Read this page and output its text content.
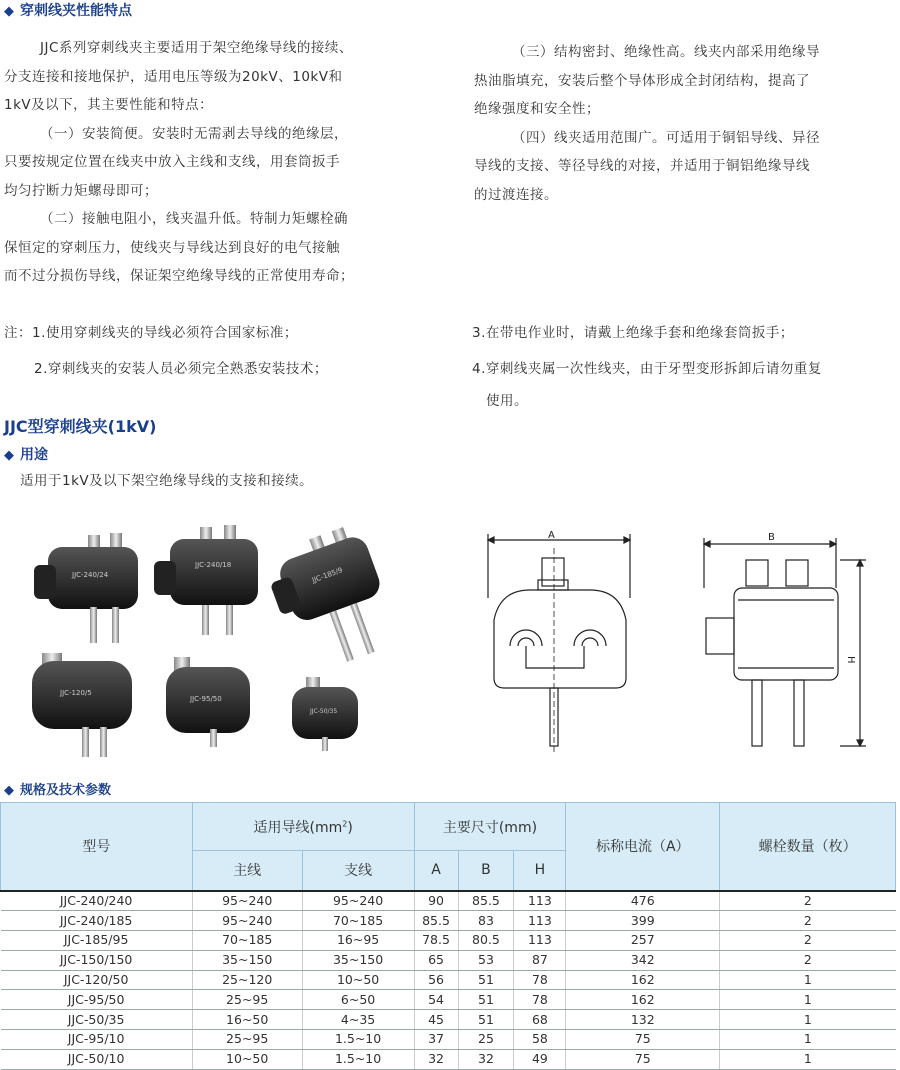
◆ 穿刺线夹性能特点
JJC系列穿刺线夹主要适用于架空绝缘导线的接续、
分支连接和接地保护，适用电压等级为20kV、10kV和
1kV及以下，其主要性能和特点：
（一）安装简便。安装时无需剥去导线的绝缘层，
只要按规定位置在线夹中放入主线和支线，用套筒扳手
均匀拧断力矩螺母即可；
（二）接触电阻小，线夹温升低。特制力矩螺栓确
保恒定的穿刺压力，使线夹与导线达到良好的电气接触
而不过分损伤导线，保证架空绝缘导线的正常使用寿命；
（三）结构密封、绝缘性高。线夹内部采用绝缘导
热油脂填充，安装后整个导体形成全封闭结构，提高了
绝缘强度和安全性；
（四）线夹适用范围广。可适用于铜铝导线、异径
导线的支接、等径导线的对接，并适用于铜铝绝缘导线
的过渡连接。
注：1.使用穿刺线夹的导线必须符合国家标准；
2.穿刺线夹的安装人员必须完全熟悉安装技术；
3.在带电作业时，请戴上绝缘手套和绝缘套筒扳手；
4.穿刺线夹属一次性线夹，由于牙型变形拆卸后请勿重复
使用。
JJC型穿刺线夹(1kV)
◆ 用途
适用于1kV及以下架空绝缘导线的支接和接续。
JJC-240/24
JJC-240/18
JJC-185/9
JJC-120/5
JJC-95/50
JJC-50/35
A	B
H
◆ 规格及技术参数
型号	适用导线$(mm^2)$		主要尺寸(mm)			标称电流（A）	螺栓数量（枚）
	主线	支线	A	B	H		
JJC-240/240	95~240	95~240	90	85.5	113	476	2
JJC-240/185	95~240	70~185	85.5	83	113	399	2
JJC-185/95	70~185	16~95	78.5	80.5	113	257	2
JJC-150/150	35~150	35~150	65	53	87	342	2
JJC-120/50	25~120	10~50	56	51	78	162	1
JJC-95/50	25~95	6~50	54	51	78	162	1
JJC-50/35	16~50	4~35	45	51	68	132	1
JJC-95/10	25~95	1.5~10	37	25	58	75	1
JJC-50/10	10~50	1.5~10	32	32	49	75	1
